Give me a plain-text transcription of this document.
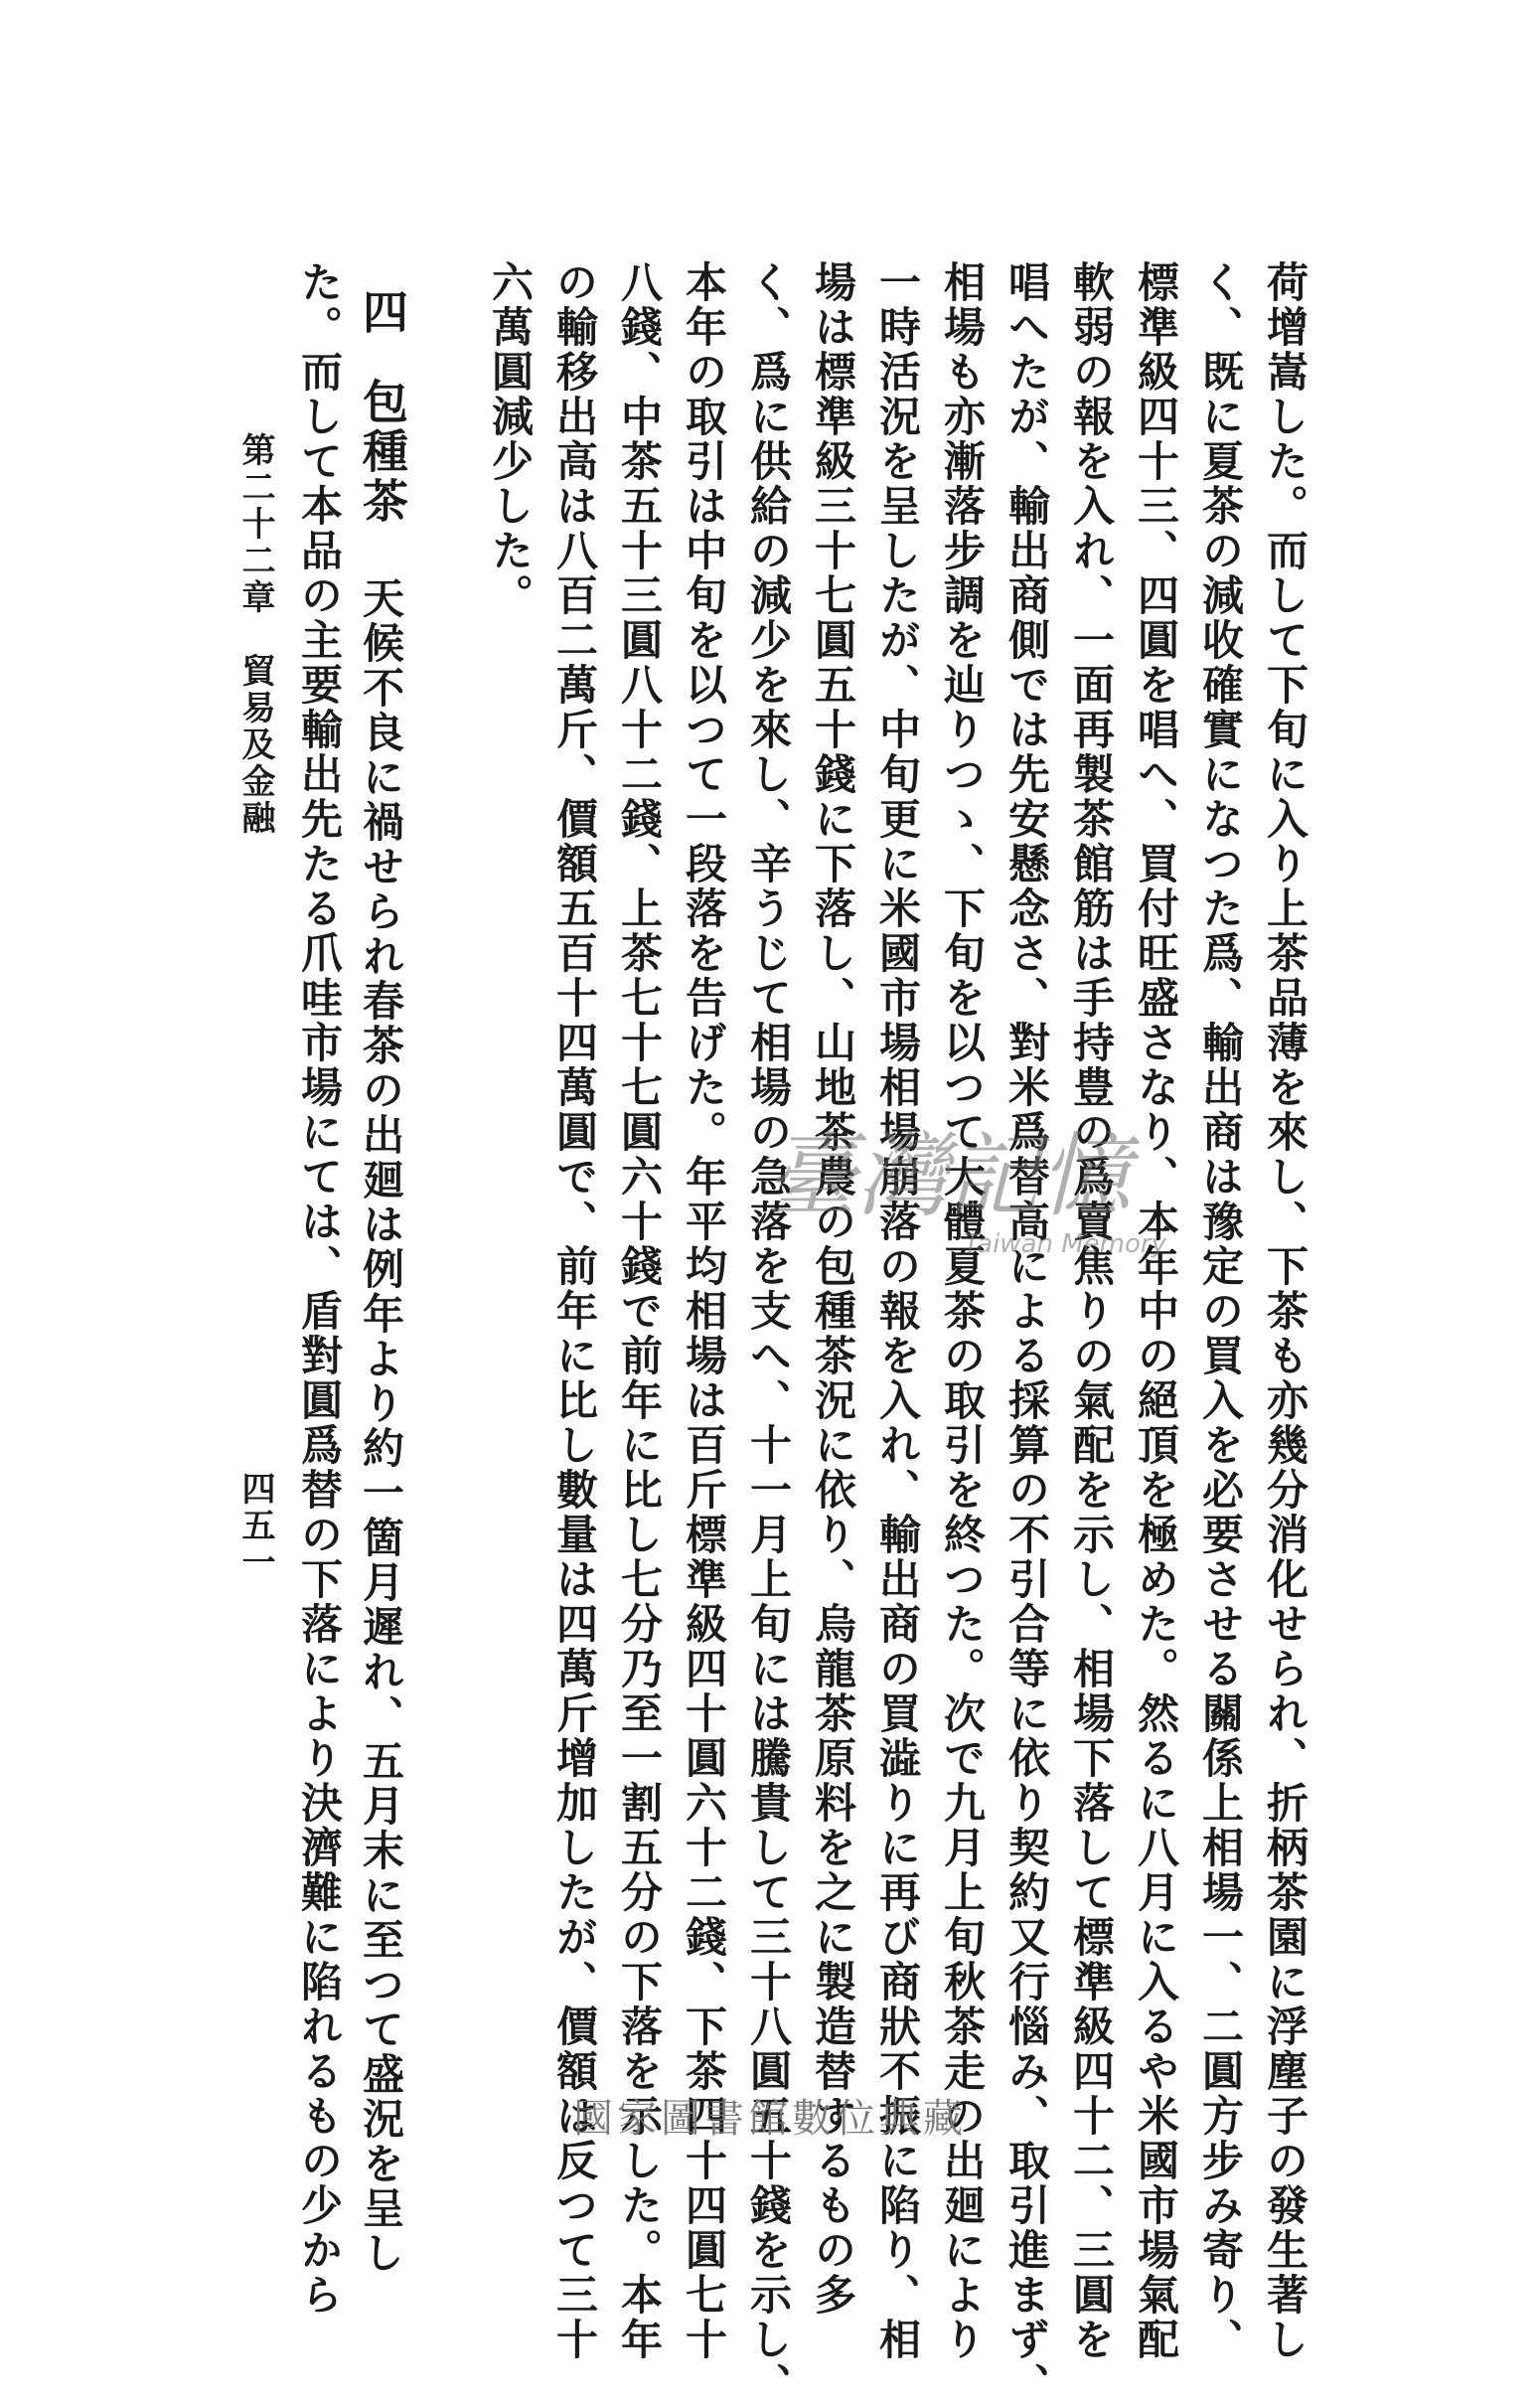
荷增嵩した。而して下旬に入り上茶品薄を來し、下茶も亦幾分消化せられ、折柄茶園に浮塵子の發生著し
く、既に夏茶の減收確實になつた爲、輸出商は豫定の買入を必要させる關係上相場一、二圓方步み寄り、
標準級四十三、四圓を唱へ、買付旺盛さなり、本年中の絕頂を極めた。然るに八月に入るや米國市場氣配
軟弱の報を入れ、一面再製茶館筋は手持豊の爲賣焦りの氣配を示し、相場下落して標準級四十二、三圓を
唱へたが、輸出商側では先安懸念さ、對米爲替高による採算の不引合等に依り契約又行惱み、取引進まず、
相場も亦漸落步調を辿りつゝ、下旬を以つて大體夏茶の取引を終つた。次で九月上旬秋茶走の出廻により
一時活況を呈したが、中旬更に米國市場相場崩落の報を入れ、輸出商の買澁りに再び商狀不振に陷り、相
場は標準級三十七圓五十錢に下落し、山地茶農の包種茶況に依り、烏龍茶原料を之に製造替するもの多
く、爲に供給の減少を來し、辛うじて相場の急落を支へ、十一月上旬には騰貴して三十八圓五十錢を示し、
本年の取引は中旬を以つて一段落を告げた。年平均相場は百斤標準級四十圓六十二錢、下茶四十四圓七十
八錢、中茶五十三圓八十二錢、上茶七十七圓六十錢で前年に比し七分乃至一割五分の下落を示した。本年
の輸移出高は八百二萬斤、價額五百十四萬圓で、前年に比し數量は四萬斤增加したが、價額は反つて三十
六萬圓減少した。
四
包種茶
天候不良に禍せられ春茶の出廻は例年より約一箇月遲れ、五月末に至つて盛況を呈し
た。而して本品の主要輸出先たる爪哇市場にては、盾對圓爲替の下落により決濟難に陷れるもの少から
第二十二章　貿易及金融
四五一
臺灣記憶
Taiwan Memory
國家圖書館數位典藏
